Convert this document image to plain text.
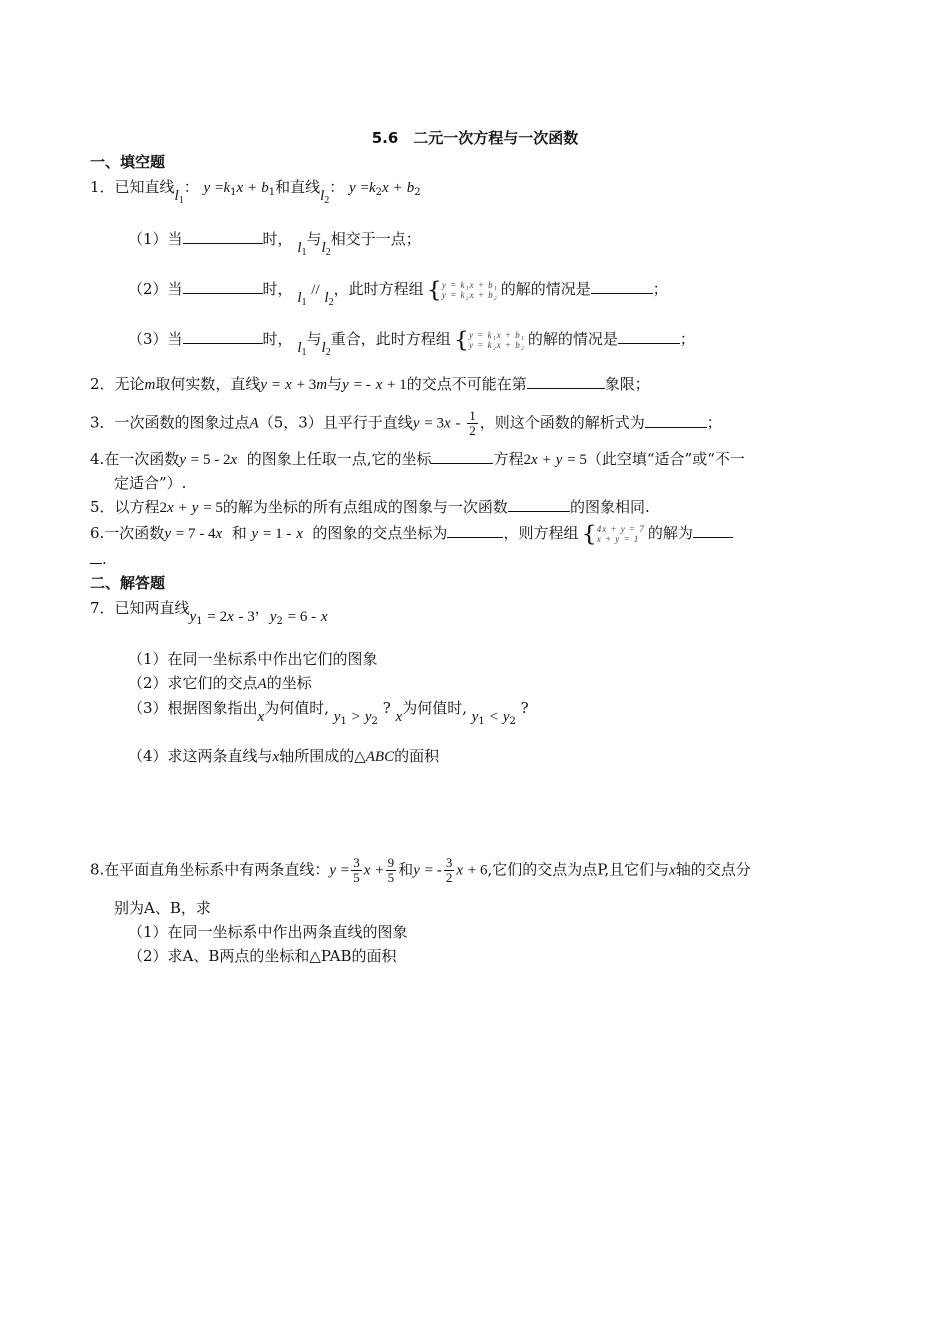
5.6　二元一次方程与一次函数
一、填空题
1．已知直线$l_1$： $y =k_1x + b_1$和直线$l_2$： $y =k_2x + b_2$
（1）当	时， $l_1$与$l_2$相交于一点；
（2）当	时， $l_1 // l_2$，此时方程组 { y = k₁x + b₁
y = k₂x + b₂ 的解的情况是	；
（3）当	时， $l_1$与$l_2$重合，此时方程组 { y = k₁x + b₁
y = k₂x + b₂ 的解的情况是	；
2．无论m取何实数，直线y = x + 3m与y = - x + 1的交点不可能在第	象限；
3．一次函数的图象过点A（5，3）且平行于直线$y = 3x - \frac{1}{2}$ ，则这个函数的解析式为	；
4.在一次函数y = 5 - 2x 的图象上任取一点,它的坐标	方程2x + y = 5（此空填“适合”或“不一
定适合”）.
5．以方程2x + y = 5的解为坐标的所有点组成的图象与一次函数	的图象相同.
6.一次函数y = 7 - 4x 和 y = 1 - x 的图象的交点坐标为	，则方程组 { 4x + y = 7
x + y = 1 的解为
.
二、解答题
7．已知两直线$y_1 = 2x - 3$，$y_2 = 6 - x$
（1）在同一坐标系中作出它们的图象
（2）求它们的交点A的坐标
（3）根据图象指出x为何值时, $y_1 > y_2$ ? x为何值时, $y_1 < y_2$ ?
（4）求这两条直线与x轴所围成的△ABC的面积
8.在平面直角坐标系中有两条直线：$y = \frac{3}{5}$ $x + \frac{9}{5}$ 和y = - $\frac{3}{2}$ x + 6,它们的交点为点P,且它们与x轴的交点分
别为A、B，求
（1）在同一坐标系中作出两条直线的图象
（2）求A、B两点的坐标和△PAB的面积
